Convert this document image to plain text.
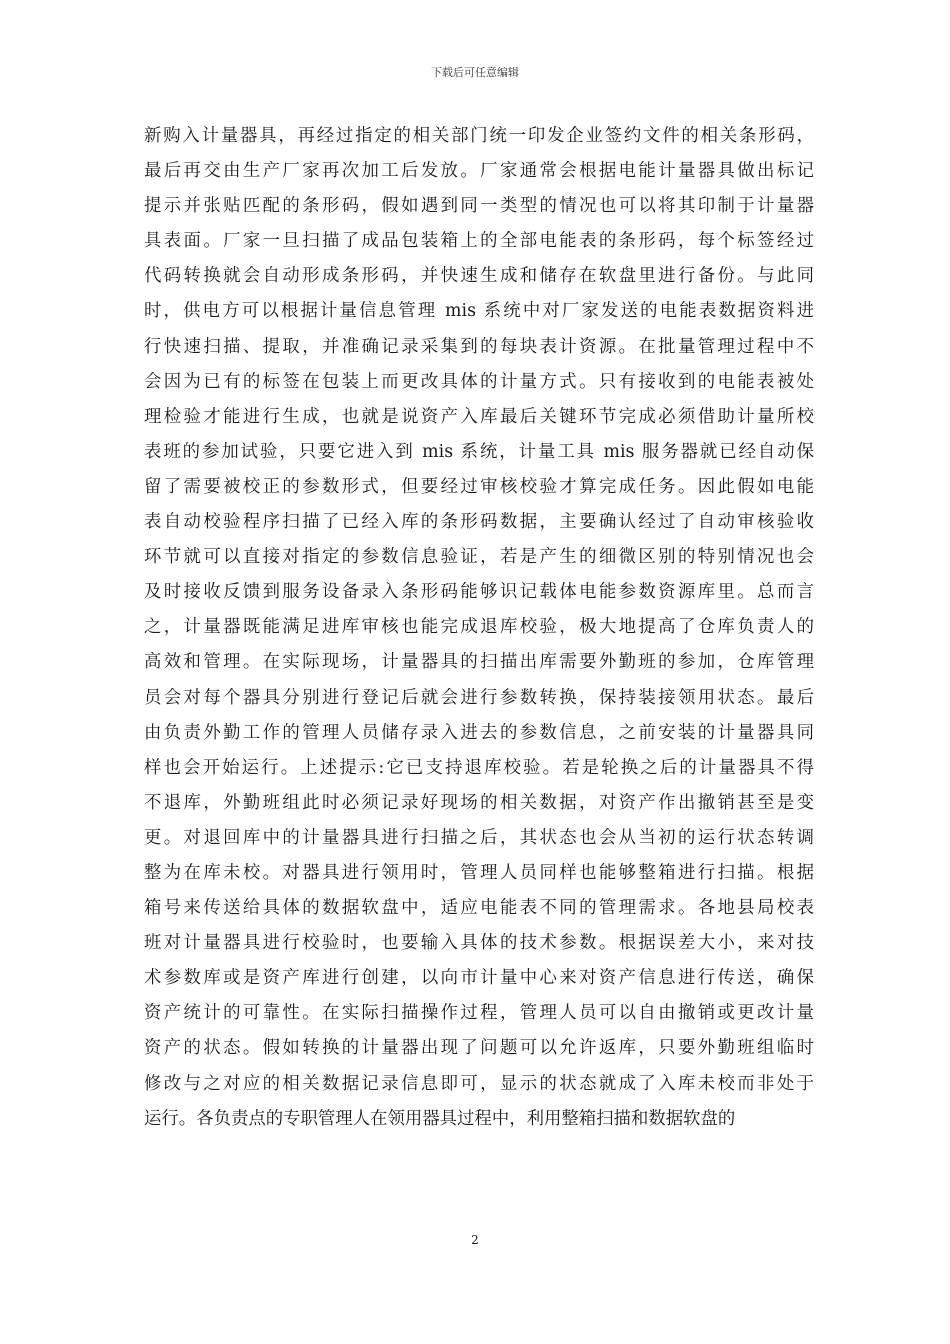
下载后可任意编辑
新购入计量器具，再经过指定的相关部门统一印发企业签约文件的相关条形码，
最后再交由生产厂家再次加工后发放。厂家通常会根据电能计量器具做出标记
提示并张贴匹配的条形码，假如遇到同一类型的情况也可以将其印制于计量器
具表面。厂家一旦扫描了成品包装箱上的全部电能表的条形码，每个标签经过
代码转换就会自动形成条形码，并快速生成和储存在软盘里进行备份。与此同
时，供电方可以根据计量信息管理 mis 系统中对厂家发送的电能表数据资料进
行快速扫描、提取，并准确记录采集到的每块表计资源。在批量管理过程中不
会因为已有的标签在包装上而更改具体的计量方式。只有接收到的电能表被处
理检验才能进行生成，也就是说资产入库最后关键环节完成必须借助计量所校
表班的参加试验，只要它进入到 mis 系统，计量工具 mis 服务器就已经自动保
留了需要被校正的参数形式，但要经过审核校验才算完成任务。因此假如电能
表自动校验程序扫描了已经入库的条形码数据，主要确认经过了自动审核验收
环节就可以直接对指定的参数信息验证，若是产生的细微区别的特别情况也会
及时接收反馈到服务设备录入条形码能够识记载体电能参数资源库里。总而言
之，计量器既能满足进库审核也能完成退库校验，极大地提高了仓库负责人的
高效和管理。在实际现场，计量器具的扫描出库需要外勤班的参加，仓库管理
员会对每个器具分别进行登记后就会进行参数转换，保持装接领用状态。最后
由负责外勤工作的管理人员储存录入进去的参数信息，之前安装的计量器具同
样也会开始运行。上述提示:它已支持退库校验。若是轮换之后的计量器具不得
不退库，外勤班组此时必须记录好现场的相关数据，对资产作出撤销甚至是变
更。对退回库中的计量器具进行扫描之后，其状态也会从当初的运行状态转调
整为在库未校。对器具进行领用时，管理人员同样也能够整箱进行扫描。根据
箱号来传送给具体的数据软盘中，适应电能表不同的管理需求。各地县局校表
班对计量器具进行校验时，也要输入具体的技术参数。根据误差大小，来对技
术参数库或是资产库进行创建，以向市计量中心来对资产信息进行传送，确保
资产统计的可靠性。在实际扫描操作过程，管理人员可以自由撤销或更改计量
资产的状态。假如转换的计量器出现了问题可以允许返库，只要外勤班组临时
修改与之对应的相关数据记录信息即可，显示的状态就成了入库未校而非处于
运行。各负责点的专职管理人在领用器具过程中，利用整箱扫描和数据软盘的
2
